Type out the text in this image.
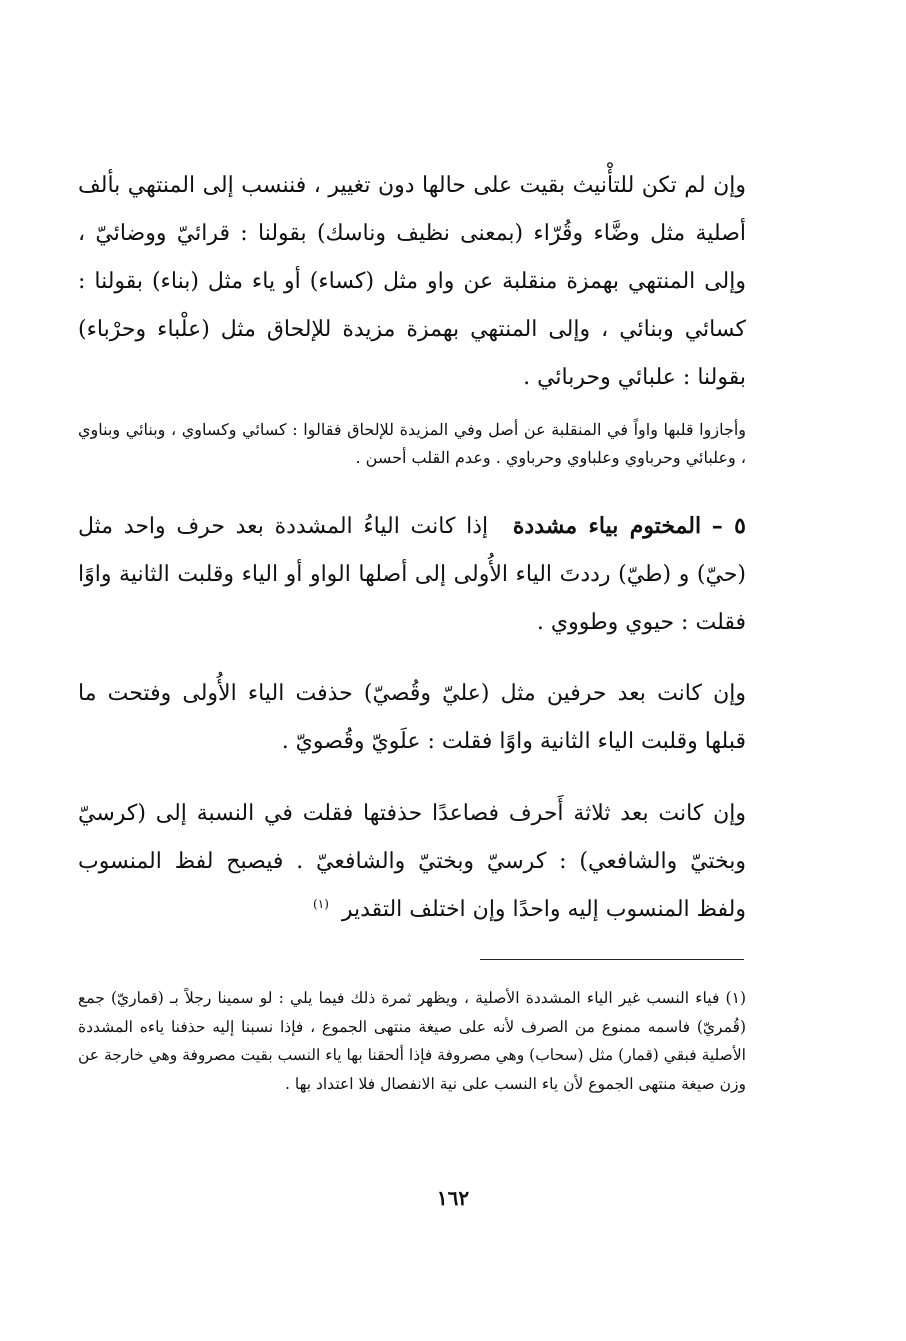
وإن لم تكن للتأْنيث بقيت على حالها دون تغيير ، فننسب إلى المنتهي بألف أصلية مثل وضَّاء وقُرّاء (بمعنى نظيف وناسك) بقولنا : قرائيّ ووضائيّ ، وإلى المنتهي بهمزة منقلبة عن واو مثل (كساء) أو ياء مثل (بناء) بقولنا : كسائي وبنائي ، وإلى المنتهي بهمزة مزيدة للإلحاق مثل (علْباء وحرْباء) بقولنا : علبائي وحربائي .
وأجازوا قلبها واواً في المنقلبة عن أصل وفي المزيدة للإلحاق فقالوا : كسائي وكساوي ، وبنائي وبناوي ، وعلبائي وحرباوي وعلباوي وحرباوي . وعدم القلب أحسن .
٥ – المختوم بياء مشددة إذا كانت الياءُ المشددة بعد حرف واحد مثل (حيّ) و (طيّ) رددتَ الياء الأُولى إلى أصلها الواو أو الياء وقلبت الثانية واوًا فقلت : حيوي وطووي .
وإن كانت بعد حرفين مثل (عليّ وقُصيّ) حذفت الياء الأُولى وفتحت ما قبلها وقلبت الياء الثانية واوًا فقلت : علَويّ وقُصويّ .
وإن كانت بعد ثلاثة أَحرف فصاعدًا حذفتها فقلت في النسبة إلى (كرسيّ وبختيّ والشافعي) : كرسيّ وبختيّ والشافعيّ . فيصبح لفظ المنسوب ولفظ المنسوب إليه واحدًا وإن اختلف التقدير $^{(١)}$
(١) فياء النسب غير الياء المشددة الأصلية ، ويظهر ثمرة ذلك فيما يلي : لو سمينا رجلاً بـ (قماريّ) جمع (قُمريّ) فاسمه ممنوع من الصرف لأنه على صيغة منتهى الجموع ، فإذا نسبنا إليه حذفنا ياءه المشددة الأصلية فبقي (قمار) مثل (سحاب) وهي مصروفة فإذا ألحقنا بها ياء النسب بقيت مصروفة وهي خارجة عن وزن صيغة منتهى الجموع لأن ياء النسب على نية الانفصال فلا اعتداد بها .
١٦٢
